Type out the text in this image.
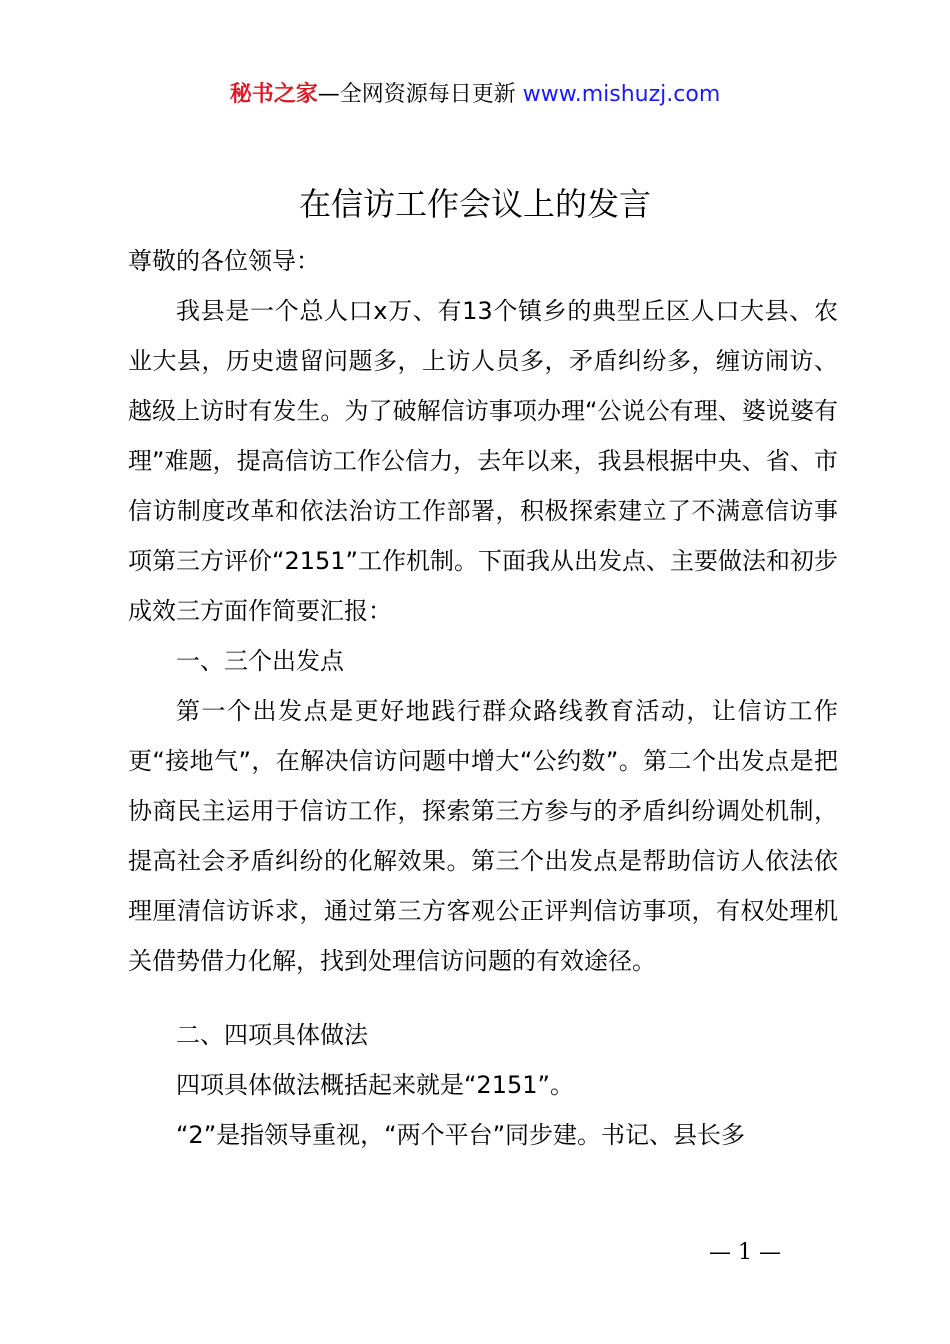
秘书之家—全网资源每日更新 www.mishuzj.com
在信访工作会议上的发言

尊敬的各位领导：

我县是一个总人口x万、有13个镇乡的典型丘区人口大县、农业大县，历史遗留问题多，上访人员多，矛盾纠纷多，缠访闹访、越级上访时有发生。为了破解信访事项办理“公说公有理、婆说婆有理”难题，提高信访工作公信力，去年以来，我县根据中央、省、市信访制度改革和依法治访工作部署，积极探索建立了不满意信访事项第三方评价“2151”工作机制。下面我从出发点、主要做法和初步成效三方面作简要汇报：

一、三个出发点

第一个出发点是更好地践行群众路线教育活动，让信访工作更“接地气”，在解决信访问题中增大“公约数”。第二个出发点是把协商民主运用于信访工作，探索第三方参与的矛盾纠纷调处机制，提高社会矛盾纠纷的化解效果。第三个出发点是帮助信访人依法依理厘清信访诉求，通过第三方客观公正评判信访事项，有权处理机关借势借力化解，找到处理信访问题的有效途径。

二、四项具体做法

四项具体做法概括起来就是“2151”。

“2”是指领导重视，“两个平台”同步建。书记、县长多

— 1 —
